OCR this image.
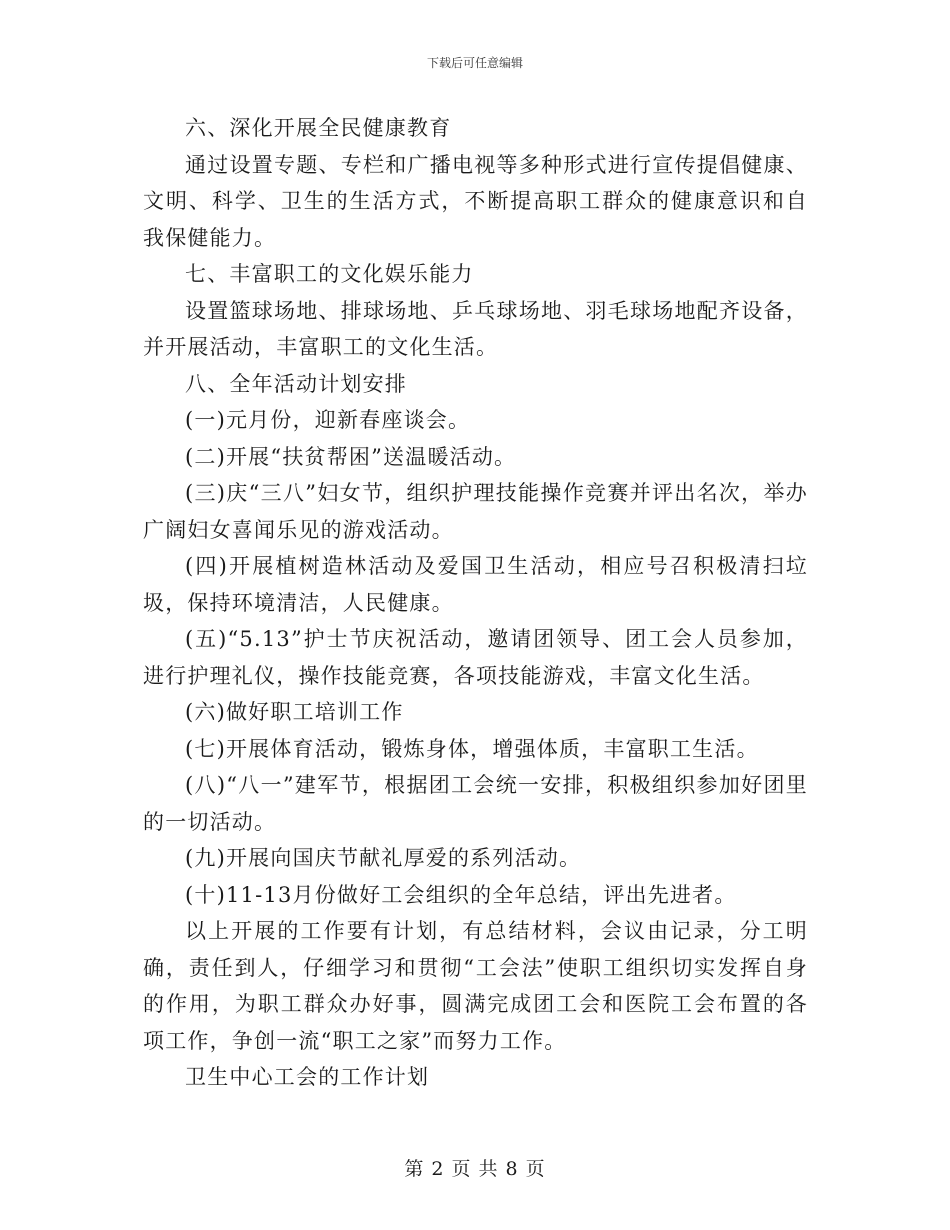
下载后可任意编辑

六、深化开展全民健康教育

通过设置专题、专栏和广播电视等多种形式进行宣传提倡健康、文明、科学、卫生的生活方式，不断提高职工群众的健康意识和自我保健能力。

七、丰富职工的文化娱乐能力

设置篮球场地、排球场地、乒乓球场地、羽毛球场地配齐设备，并开展活动，丰富职工的文化生活。

八、全年活动计划安排

(一)元月份，迎新春座谈会。

(二)开展“扶贫帮困”送温暖活动。

(三)庆“三八”妇女节，组织护理技能操作竞赛并评出名次，举办广阔妇女喜闻乐见的游戏活动。

(四)开展植树造林活动及爱国卫生活动，相应号召积极清扫垃圾，保持环境清洁，人民健康。

(五)“5.13”护士节庆祝活动，邀请团领导、团工会人员参加，进行护理礼仪，操作技能竞赛，各项技能游戏，丰富文化生活。

(六)做好职工培训工作

(七)开展体育活动，锻炼身体，增强体质，丰富职工生活。

(八)“八一”建军节，根据团工会统一安排，积极组织参加好团里的一切活动。

(九)开展向国庆节献礼厚爱的系列活动。

(十)11-13月份做好工会组织的全年总结，评出先进者。

以上开展的工作要有计划，有总结材料，会议由记录，分工明确，责任到人，仔细学习和贯彻“工会法”使职工组织切实发挥自身的作用，为职工群众办好事，圆满完成团工会和医院工会布置的各项工作，争创一流“职工之家”而努力工作。

卫生中心工会的工作计划

第 2 页 共 8 页
